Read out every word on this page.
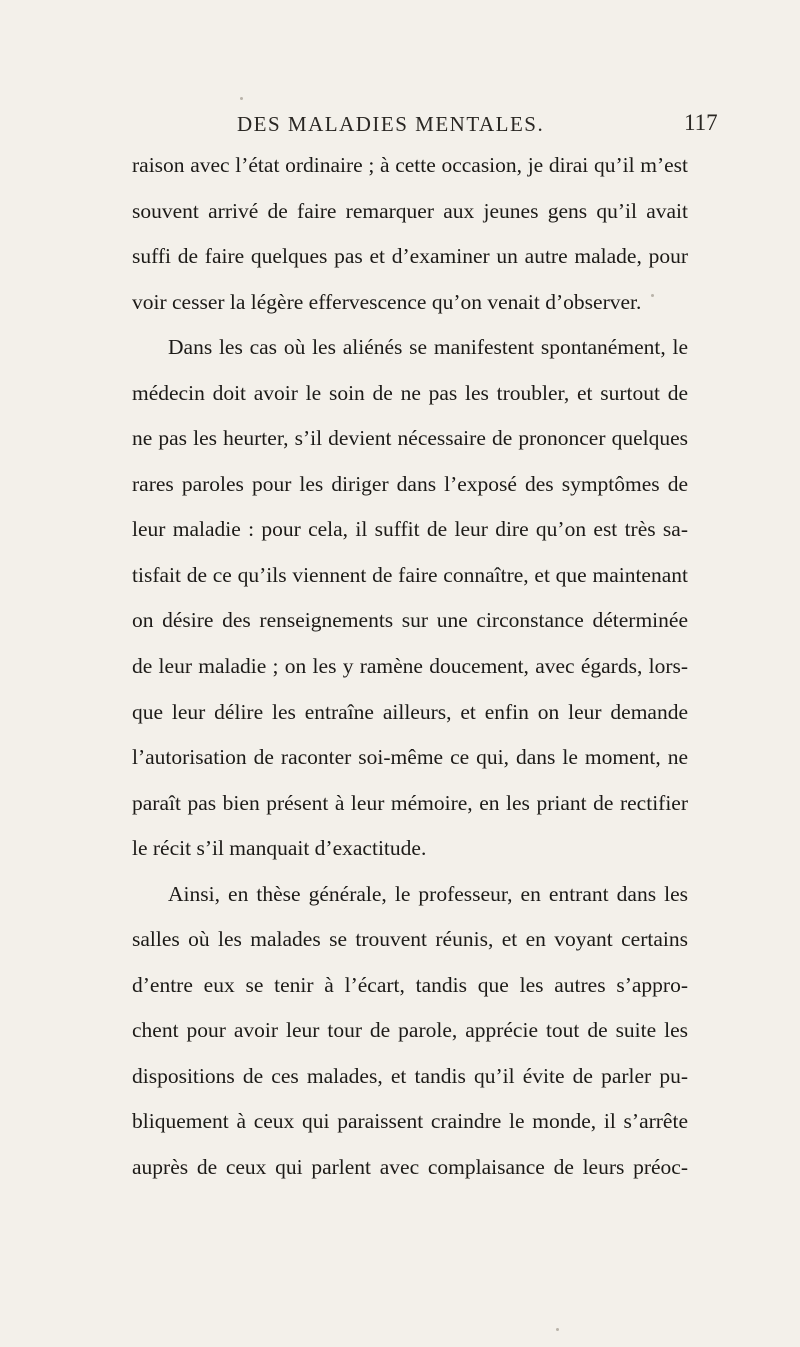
DES MALADIES MENTALES.	117
raison avec l’état ordinaire ; à cette occasion, je dirai qu’il m’est
souvent arrivé de faire remarquer aux jeunes gens qu’il avait
suffi de faire quelques pas et d’examiner un autre malade, pour
voir cesser la légère effervescence qu’on venait d’observer.
Dans les cas où les aliénés se manifestent spontanément, le
médecin doit avoir le soin de ne pas les troubler, et surtout de
ne pas les heurter, s’il devient nécessaire de prononcer quelques
rares paroles pour les diriger dans l’exposé des symptômes de
leur maladie : pour cela, il suffit de leur dire qu’on est très sa-
tisfait de ce qu’ils viennent de faire connaître, et que maintenant
on désire des renseignements sur une circonstance déterminée
de leur maladie ; on les y ramène doucement, avec égards, lors-
que leur délire les entraîne ailleurs, et enfin on leur demande
l’autorisation de raconter soi-même ce qui, dans le moment, ne
paraît pas bien présent à leur mémoire, en les priant de rectifier
le récit s’il manquait d’exactitude.
Ainsi, en thèse générale, le professeur, en entrant dans les
salles où les malades se trouvent réunis, et en voyant certains
d’entre eux se tenir à l’écart, tandis que les autres s’appro-
chent pour avoir leur tour de parole, apprécie tout de suite les
dispositions de ces malades, et tandis qu’il évite de parler pu-
bliquement à ceux qui paraissent craindre le monde, il s’arrête
auprès de ceux qui parlent avec complaisance de leurs préoc-
